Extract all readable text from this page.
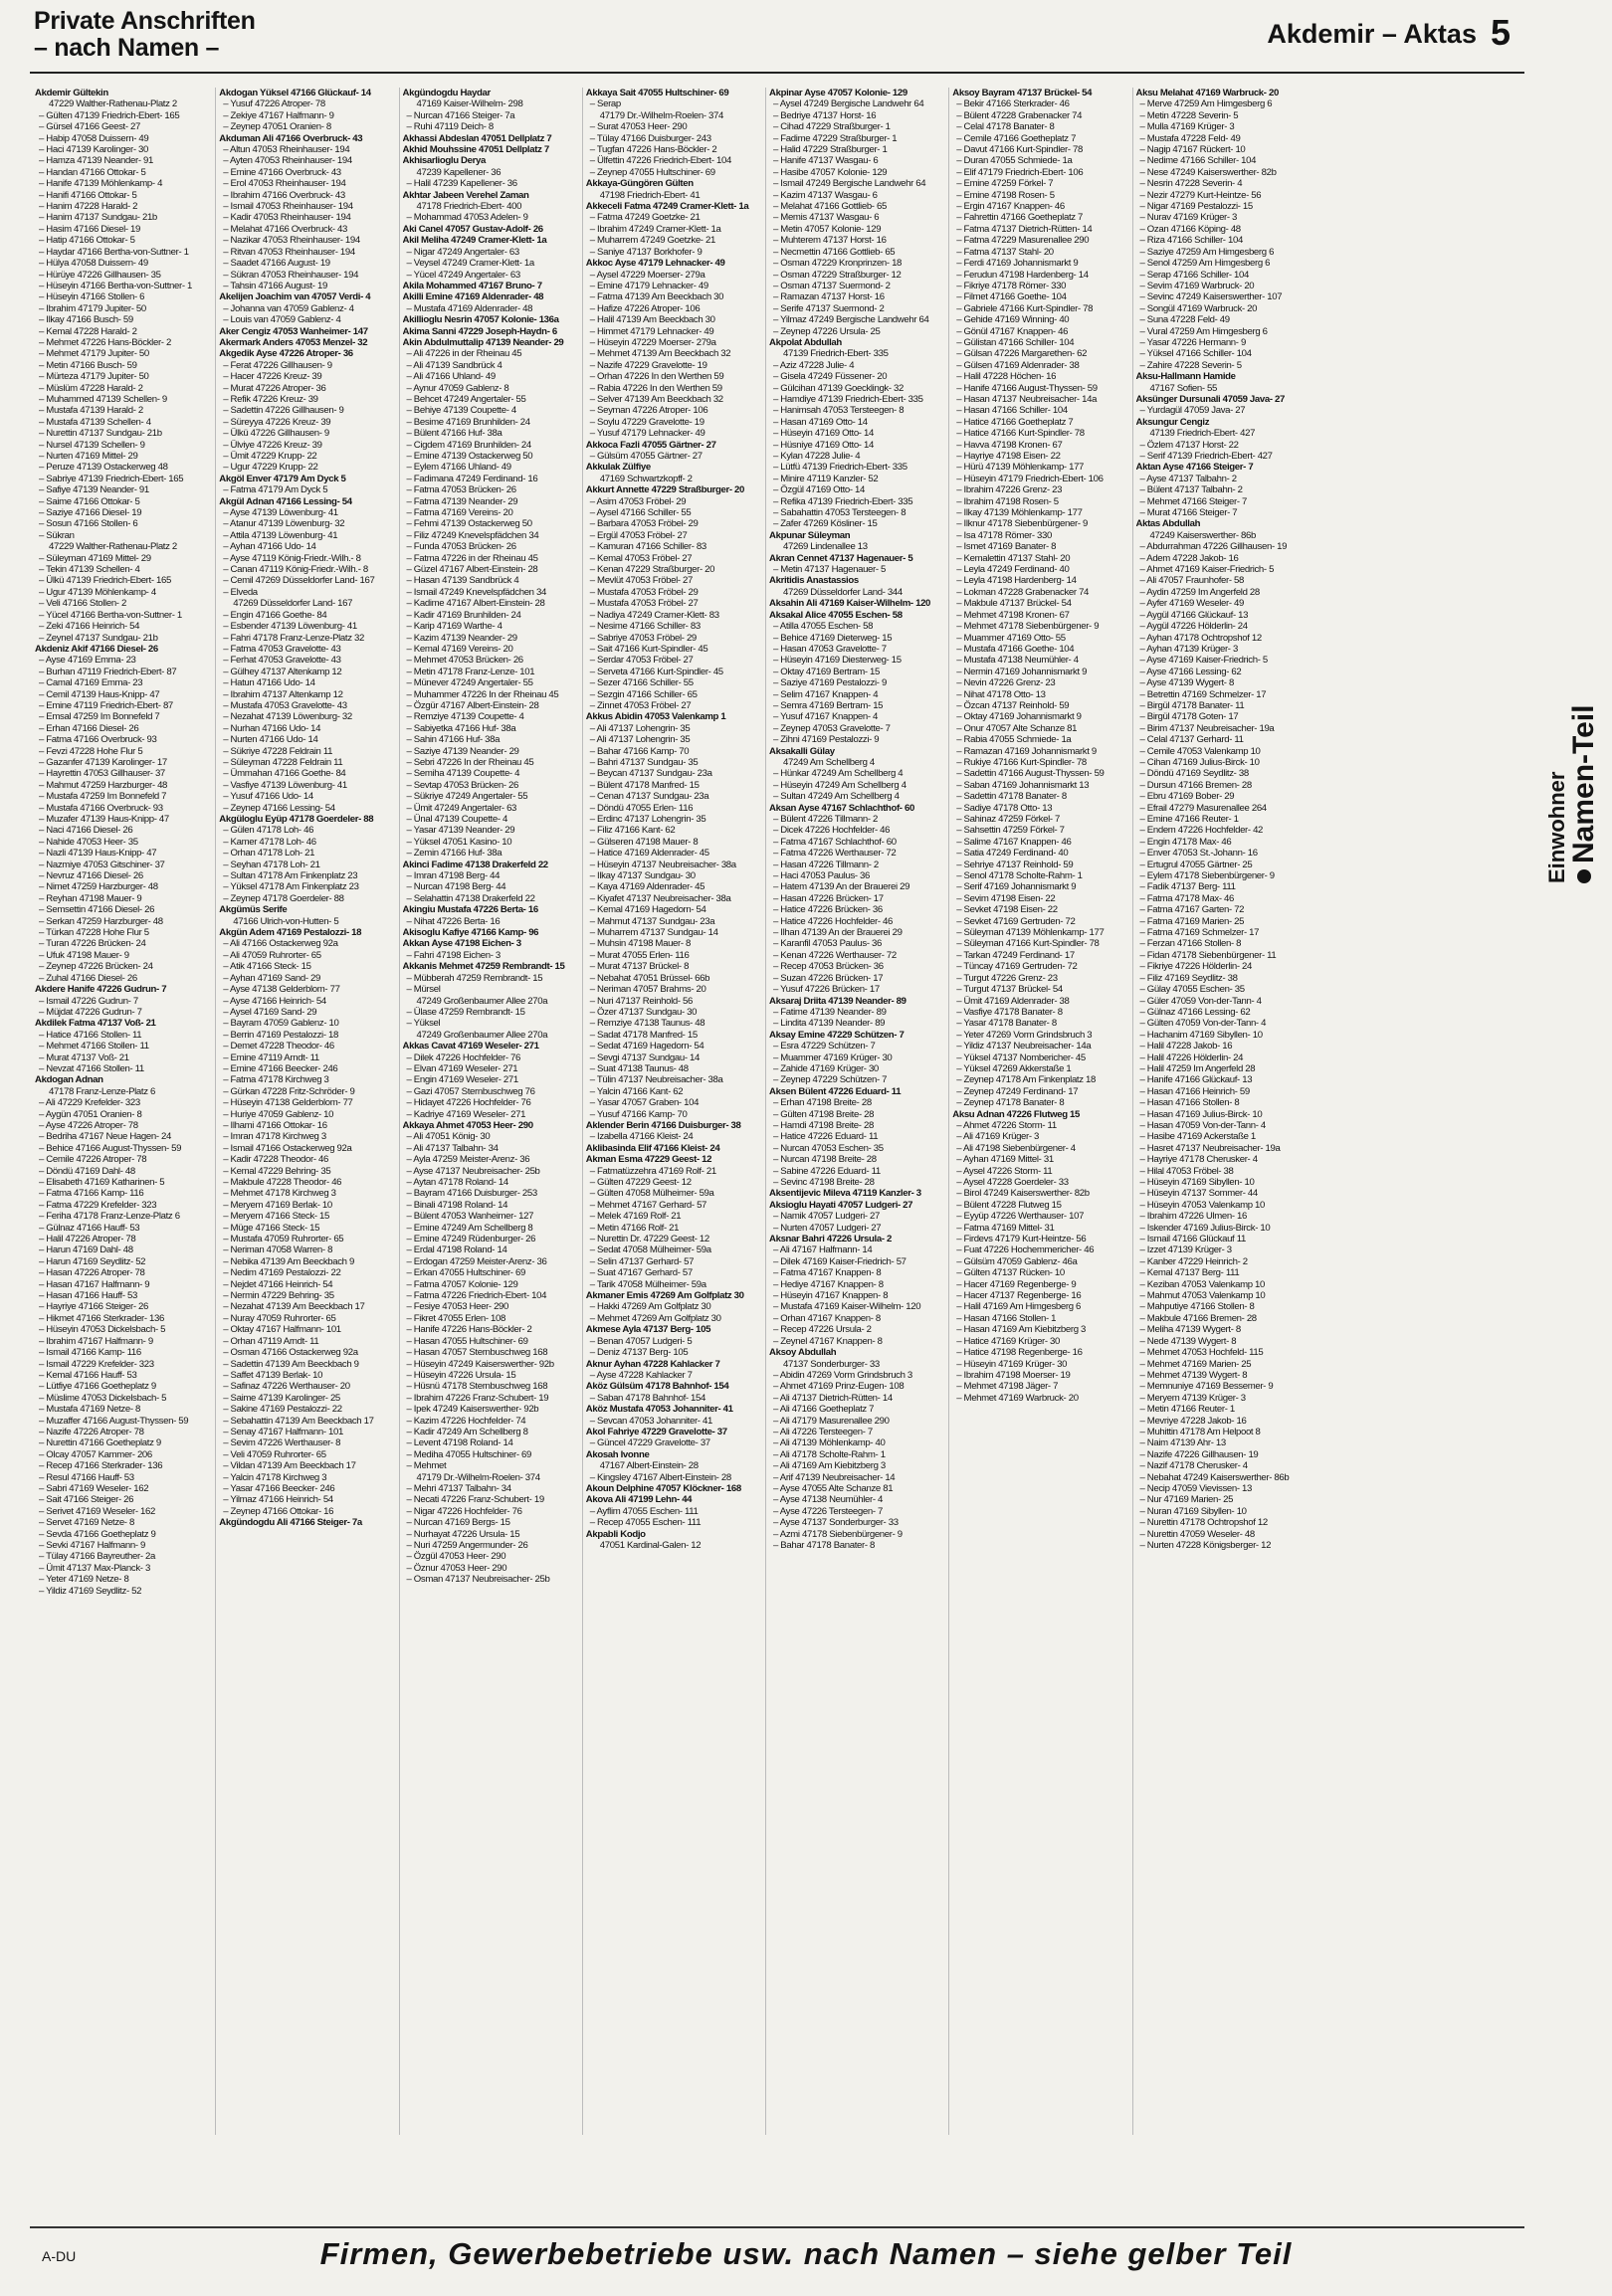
Private Anschriften
– nach Namen –	Akdemir – Aktas 5
Akdemir Gültekin
47229 Walther-Rathenau-Platz 2
– Gülten 47139 Friedrich-Ebert- 165
– Gürsel 47166 Geest- 27
– Habip 47058 Duissern- 49
– Haci 47139 Karolinger- 30
– Hamza 47139 Neander- 91
– Handan 47166 Ottokar- 5
– Hanife 47139 Möhlenkamp- 4
– Hanifi 47166 Ottokar- 5
– Hanim 47228 Harald- 2
– Hanim 47137 Sundgau- 21b
– Hasim 47166 Diesel- 19
– Hatip 47166 Ottokar- 5
– Haydar 47166 Bertha-von-Suttner- 1
– Hülya 47058 Duissern- 49
– Hürüye 47226 Gillhausen- 35
– Hüseyin 47166 Bertha-von-Suttner- 1
– Hüseyin 47166 Stollen- 6
– Ibrahim 47179 Jupiter- 50
– Ilkay 47166 Busch- 59
– Kemal 47228 Harald- 2
– Mehmet 47226 Hans-Böckler- 2
– Mehmet 47179 Jupiter- 50
– Metin 47166 Busch- 59
– Mürteza 47179 Jupiter- 50
– Müslüm 47228 Harald- 2
– Muhammed 47139 Schellen- 9
– Mustafa 47139 Harald- 2
– Mustafa 47139 Schellen- 4
– Nurettin 47137 Sundgau- 21b
– Nursel 47139 Schellen- 9
– Nurten 47169 Mittel- 29
– Peruze 47139 Ostackerweg 48
– Sabriye 47139 Friedrich-Ebert- 165
– Safiye 47139 Neander- 91
– Saime 47166 Ottokar- 5
– Saziye 47166 Diesel- 19
– Sosun 47166 Stollen- 6
– Sükran
47229 Walther-Rathenau-Platz 2
– Süleyman 47169 Mittel- 29
– Tekin 47139 Schellen- 4
– Ülkü 47139 Friedrich-Ebert- 165
– Ugur 47139 Möhlenkamp- 4
– Veli 47166 Stollen- 2
– Yücel 47166 Bertha-von-Suttner- 1
– Zeki 47166 Heinrich- 54
– Zeynel 47137 Sundgau- 21b
Akdeniz Akif 47166 Diesel- 26
– Ayse 47169 Emma- 23
– Burhan 47119 Friedrich-Ebert- 87
– Camal 47169 Emma- 23
– Cemil 47139 Haus-Knipp- 47
– Emine 47119 Friedrich-Ebert- 87
– Emsal 47259 Im Bonnefeld 7
– Erhan 47166 Diesel- 26
– Fatma 47166 Overbruck- 93
– Fevzi 47228 Hohe Flur 5
– Gazanfer 47139 Karolinger- 17
– Hayrettin 47053 Gillhauser- 37
– Mahmut 47259 Harzburger- 48
– Mustafa 47259 Im Bonnefeld 7
– Mustafa 47166 Overbruck- 93
– Muzafer 47139 Haus-Knipp- 47
– Naci 47166 Diesel- 26
– Nahide 47053 Heer- 35
– Nazli 47139 Haus-Knipp- 47
– Nazmiye 47053 Gitschiner- 37
– Nevruz 47166 Diesel- 26
– Nimet 47259 Harzburger- 48
– Reyhan 47198 Mauer- 9
– Semsettin 47166 Diesel- 26
– Serkan 47259 Harzburger- 48
– Türkan 47228 Hohe Flur 5
– Turan 47226 Brücken- 24
– Ufuk 47198 Mauer- 9
– Zeynep 47226 Brücken- 24
– Zuhal 47166 Diesel- 26
Akdere Hanife 47226 Gudrun- 7
– Ismail 47226 Gudrun- 7
– Müjdat 47226 Gudrun- 7
Akdilek Fatma 47137 Voß- 21
– Hatice 47166 Stollen- 11
– Mehmet 47166 Stollen- 11
– Murat 47137 Voß- 21
– Nevzat 47166 Stollen- 11
Akdogan Adnan
47178 Franz-Lenze-Platz 6
– Ali 47229 Krefelder- 323
– Aygün 47051 Oranien- 8
– Ayse 47226 Atroper- 78
– Bedriha 47167 Neue Hagen- 24
– Behice 47166 August-Thyssen- 59
– Cemile 47226 Atroper- 78
– Döndü 47169 Dahl- 48
– Elisabeth 47169 Katharinen- 5
– Fatma 47166 Kamp- 116
– Fatma 47229 Krefelder- 323
– Feriha 47178 Franz-Lenze-Platz 6
– Gülnaz 47166 Hauff- 53
– Halil 47226 Atroper- 78
– Harun 47169 Dahl- 48
– Harun 47169 Seydlitz- 52
– Hasan 47226 Atroper- 78
– Hasan 47167 Halfmann- 9
– Hasan 47166 Hauff- 53
– Hayriye 47166 Steiger- 26
– Hikmet 47166 Sterkrader- 136
– Hüseyin 47053 Dickelsbach- 5
– Ibrahim 47167 Halfmann- 9
– Ismail 47166 Kamp- 116
– Ismail 47229 Krefelder- 323
– Kemal 47166 Hauff- 53
– Lütfiye 47166 Goetheplatz 9
– Müslime 47053 Dickelsbach- 5
– Mustafa 47169 Netze- 8
– Muzaffer 47166 August-Thyssen- 59
– Nazife 47226 Atroper- 78
– Nurettin 47166 Goetheplatz 9
– Olcay 47057 Kammer- 206
– Recep 47166 Sterkrader- 136
– Resul 47166 Hauff- 53
– Sabri 47169 Weseler- 162
– Sait 47166 Steiger- 26
– Serivet 47169 Weseler- 162
– Servet 47169 Netze- 8
– Sevda 47166 Goetheplatz 9
– Sevki 47167 Halfmann- 9
– Tülay 47166 Bayreuther- 2a
– Ümit 47137 Max-Planck- 3
– Yeter 47169 Netze- 8
– Yildiz 47169 Seydlitz- 52
Akdogan Yüksel 47166 Glückauf- 14
– Yusuf 47226 Atroper- 78
– Zekiye 47167 Halfmann- 9
– Zeynep 47051 Oranien- 8
Akduman Ali 47166 Overbruck- 43
– Altun 47053 Rheinhauser- 194
– Ayten 47053 Rheinhauser- 194
– Emine 47166 Overbruck- 43
– Erol 47053 Rheinhauser- 194
– Ibrahim 47166 Overbruck- 43
– Ismail 47053 Rheinhauser- 194
– Kadir 47053 Rheinhauser- 194
– Melahat 47166 Overbruck- 43
– Nazikar 47053 Rheinhauser- 194
– Ritvan 47053 Rheinhauser- 194
– Saadet 47166 August- 19
– Sükran 47053 Rheinhauser- 194
– Tahsin 47166 August- 19
Akelijen Joachim van 47057 Verdi- 4
– Johanna van 47059 Gablenz- 4
– Louis van 47059 Gablenz- 4
Aker Cengiz 47053 Wanheimer- 147
Akermark Anders 47053 Menzel- 32
Akgedik Ayse 47226 Atroper- 36
– Ferat 47226 Gillhausen- 9
– Hacer 47226 Kreuz- 39
– Murat 47226 Atroper- 36
– Refik 47226 Kreuz- 39
– Sadettin 47226 Gillhausen- 9
– Süreyya 47226 Kreuz- 39
– Ülkü 47226 Gillhausen- 9
– Ülviye 47226 Kreuz- 39
– Ümit 47229 Krupp- 22
– Ugur 47229 Krupp- 22
Akgöl Enver 47179 Am Dyck 5
– Fatma 47179 Am Dyck 5
Akgül Adnan 47166 Lessing- 54
– Ayse 47139 Löwenburg- 41
– Atanur 47139 Löwenburg- 32
– Attila 47139 Löwenburg- 41
– Ayhan 47166 Udo- 14
– Ayse 47119 König-Friedr.-Wilh.- 8
– Canan 47119 König-Friedr.-Wilh.- 8
– Cemil 47269 Düsseldorfer Land- 167
– Elveda
47269 Düsseldorfer Land- 167
– Engin 47166 Goethe- 84
– Esbender 47139 Löwenburg- 41
– Fahri 47178 Franz-Lenze-Platz 32
– Fatma 47053 Gravelotte- 43
– Ferhat 47053 Gravelotte- 43
– Gülhey 47137 Altenkamp 12
– Hatun 47166 Udo- 14
– Ibrahim 47137 Altenkamp 12
– Mustafa 47053 Gravelotte- 43
– Nezahat 47139 Löwenburg- 32
– Nurhan 47166 Udo- 14
– Nurten 47166 Udo- 14
– Sükriye 47228 Feldrain 11
– Süleyman 47228 Feldrain 11
– Ümmahan 47166 Goethe- 84
– Vasfiye 47139 Löwenburg- 41
– Yusuf 47166 Udo- 14
– Zeynep 47166 Lessing- 54
Akgüloglu Eyüp 47178 Goerdeler- 88
– Gülen 47178 Loh- 46
– Kamer 47178 Loh- 46
– Orhan 47178 Loh- 21
– Seyhan 47178 Loh- 21
– Sultan 47178 Am Finkenplatz 23
– Yüksel 47178 Am Finkenplatz 23
– Zeynep 47178 Goerdeler- 88
Akgümüs Serife
47166 Ulrich-von-Hutten- 5
Akgün Adem 47169 Pestalozzi- 18
– Ali 47166 Ostackerweg 92a
– Ali 47059 Ruhrorter- 65
– Atik 47166 Steck- 15
– Ayhan 47169 Sand- 29
– Ayse 47138 Gelderblom- 77
– Ayse 47166 Heinrich- 54
– Aysel 47169 Sand- 29
– Bayram 47059 Gablenz- 10
– Berrin 47169 Pestalozzi- 18
– Demet 47228 Theodor- 46
– Emine 47119 Arndt- 11
– Emine 47166 Beecker- 246
– Fatma 47178 Kirchweg 3
– Gürkan 47228 Fritz-Schröder- 9
– Hüseyin 47138 Gelderblom- 77
– Huriye 47059 Gablenz- 10
– Ilhami 47166 Ottokar- 16
– Imran 47178 Kirchweg 3
– Ismail 47166 Ostackerweg 92a
– Kadir 47228 Theodor- 46
– Kemal 47229 Behring- 35
– Makbule 47228 Theodor- 46
– Mehmet 47178 Kirchweg 3
– Meryem 47169 Berlak- 10
– Meryem 47166 Steck- 15
– Müge 47166 Steck- 15
– Mustafa 47059 Ruhrorter- 65
– Neriman 47058 Warren- 8
– Nebika 47139 Am Beeckbach 9
– Nedim 47169 Pestalozzi- 22
– Nejdet 47166 Heinrich- 54
– Nermin 47229 Behring- 35
– Nezahat 47139 Am Beeckbach 17
– Nuray 47059 Ruhrorter- 65
– Oktay 47167 Halfmann- 101
– Orhan 47119 Arndt- 11
– Osman 47166 Ostackerweg 92a
– Sadettin 47139 Am Beeckbach 9
– Saffet 47139 Berlak- 10
– Safinaz 47226 Werthauser- 20
– Saime 47139 Karolinger- 25
– Sakine 47169 Pestalozzi- 22
– Sebahattin 47139 Am Beeckbach 17
– Senay 47167 Halfmann- 101
– Sevim 47226 Werthauser- 8
– Veli 47059 Ruhrorter- 65
– Vildan 47139 Am Beeckbach 17
– Yalcin 47178 Kirchweg 3
– Yasar 47166 Beecker- 246
– Yilmaz 47166 Heinrich- 54
– Zeynep 47166 Ottokar- 16
Akgündogdu Ali 47166 Steiger- 7a
Akgündogdu Haydar
47169 Kaiser-Wilhelm- 298
– Nurcan 47166 Steiger- 7a
– Ruhi 47119 Deich- 8
Akhassi Abdeslan 47051 Dellplatz 7
Akhid Mouhssine 47051 Dellplatz 7
Akhisarlioglu Derya
47239 Kapellener- 36
– Halil 47239 Kapellener- 36
Akhtar Jabeen Verehel Zaman
47178 Friedrich-Ebert- 400
– Mohammad 47053 Adelen- 9
Aki Canel 47057 Gustav-Adolf- 26
Akil Meliha 47249 Cramer-Klett- 1a
– Nigar 47249 Angertaler- 63
– Veysel 47249 Cramer-Klett- 1a
– Yücel 47249 Angertaler- 63
Akila Mohammed 47167 Bruno- 7
Akilli Emine 47169 Aldenrader- 48
– Mustafa 47169 Aldenrader- 48
Akillioglu Nesrin 47057 Kolonie- 136a
Akima Sanni 47229 Joseph-Haydn- 6
Akin Abdulmuttalip 47139 Neander- 29
– Ali 47226 in der Rheinau 45
– Ali 47139 Sandbrück 4
– Ali 47166 Uhland- 49
– Aynur 47059 Gablenz- 8
– Behcet 47249 Angertaler- 55
– Behiye 47139 Coupette- 4
– Besime 47169 Brunhilden- 24
– Bülent 47166 Huf- 38a
– Cigdem 47169 Brunhilden- 24
– Emine 47139 Ostackerweg 50
– Eylem 47166 Uhland- 49
– Fadimana 47249 Ferdinand- 16
– Fatma 47053 Brücken- 26
– Fatma 47139 Neander- 29
– Fatma 47169 Vereins- 20
– Fehmi 47139 Ostackerweg 50
– Filiz 47249 Knevelspfädchen 34
– Funda 47053 Brücken- 26
– Fatma 47226 in der Rheinau 45
– Güzel 47167 Albert-Einstein- 28
– Hasan 47139 Sandbrück 4
– Ismail 47249 Knevelspfädchen 34
– Kadime 47167 Albert-Einstein- 28
– Kadir 47169 Brunhilden- 24
– Karip 47169 Warthe- 4
– Kazim 47139 Neander- 29
– Kemal 47169 Vereins- 20
– Mehmet 47053 Brücken- 26
– Metin 47178 Franz-Lenze- 101
– Münever 47249 Angertaler- 55
– Muhammer 47226 In der Rheinau 45
– Özgür 47167 Albert-Einstein- 28
– Remziye 47139 Coupette- 4
– Sabiyetka 47166 Huf- 38a
– Sahin 47166 Huf- 38a
– Saziye 47139 Neander- 29
– Sebri 47226 In der Rheinau 45
– Semiha 47139 Coupette- 4
– Sevtap 47053 Brücken- 26
– Sükriye 47249 Angertaler- 55
– Ümit 47249 Angertaler- 63
– Ünal 47139 Coupette- 4
– Yasar 47139 Neander- 29
– Yüksel 47051 Kasino- 10
– Zemin 47166 Huf- 38a
Akinci Fadime 47138 Drakerfeld 22
– Imran 47198 Berg- 44
– Nurcan 47198 Berg- 44
– Selahattin 47138 Drakerfeld 22
Akingiu Mustafa 47226 Berta- 16
– Nihat 47226 Berta- 16
Akisoglu Kafiye 47166 Kamp- 96
Akkan Ayse 47198 Eichen- 3
– Fahri 47198 Eichen- 3
Akkanis Mehmet 47259 Rembrandt- 15
– Mübberah 47259 Rembrandt- 15
– Mürsel
47249 Großenbaumer Allee 270a
– Ülase 47259 Rembrandt- 15
– Yüksel
47249 Großenbaumer Allee 270a
Akkas Cavat 47169 Weseler- 271
– Dilek 47226 Hochfelder- 76
– Elvan 47169 Weseler- 271
– Engin 47169 Weseler- 271
– Gazi 47057 Sternbuschweg 76
– Hidayet 47226 Hochfelder- 76
– Kadriye 47169 Weseler- 271
Akkaya Ahmet 47053 Heer- 290
– Ali 47051 König- 30
– Ali 47137 Talbahn- 34
– Ayla 47259 Meister-Arenz- 36
– Ayse 47137 Neubreisacher- 25b
– Aytan 47178 Roland- 14
– Bayram 47166 Duisburger- 253
– Binali 47198 Roland- 14
– Bülent 47053 Wanheimer- 127
– Emine 47249 Am Schellberg 8
– Emine 47249 Rüdenburger- 26
– Erdal 47198 Roland- 14
– Erdogan 47259 Meister-Arenz- 36
– Erkan 47055 Hultschiner- 69
– Fatma 47057 Kolonie- 129
– Fatma 47226 Friedrich-Ebert- 104
– Fesiye 47053 Heer- 290
– Fikret 47055 Erlen- 108
– Hanife 47226 Hans-Böckler- 2
– Hasan 47055 Hultschiner- 69
– Hasan 47057 Sternbuschweg 168
– Hüseyin 47249 Kaiserswerther- 92b
– Hüseyin 47226 Ursula- 15
– Hüsnü 47178 Sternbuschweg 168
– Ibrahim 47226 Franz-Schubert- 19
– Ipek 47249 Kaiserswerther- 92b
– Kazim 47226 Hochfelder- 74
– Kadir 47249 Am Schellberg 8
– Levent 47198 Roland- 14
– Mediha 47055 Hultschiner- 69
– Mehmet
47179 Dr.-Wilhelm-Roelen- 374
– Mehri 47137 Talbahn- 34
– Necati 47226 Franz-Schubert- 19
– Nigar 47226 Hochfelder- 76
– Nurcan 47169 Bergs- 15
– Nurhayat 47226 Ursula- 15
– Nuri 47259 Angermunder- 26
– Özgül 47053 Heer- 290
– Öznur 47053 Heer- 290
– Osman 47137 Neubreisacher- 25b
Akkaya Sait 47055 Hultschiner- 69
– Serap
47179 Dr.-Wilhelm-Roelen- 374
– Surat 47053 Heer- 290
– Tülay 47166 Duisburger- 243
– Tugfan 47226 Hans-Böckler- 2
– Ülfettin 47226 Friedrich-Ebert- 104
– Zeynep 47055 Hultschiner- 69
Akkaya-Güngören Gülten
47198 Friedrich-Ebert- 41
Akkeceli Fatma 47249 Cramer-Klett- 1a
– Fatma 47249 Goetzke- 21
– Ibrahim 47249 Cramer-Klett- 1a
– Muharrem 47249 Goetzke- 21
– Saniye 47137 Borkhofer- 9
Akkoc Ayse 47179 Lehnacker- 49
– Aysel 47229 Moerser- 279a
– Emine 47179 Lehnacker- 49
– Fatma 47139 Am Beeckbach 30
– Hafize 47226 Atroper- 106
– Halil 47139 Am Beeckbach 30
– Himmet 47179 Lehnacker- 49
– Hüseyin 47229 Moerser- 279a
– Mehmet 47139 Am Beeckbach 32
– Nazife 47229 Gravelotte- 19
– Orhan 47226 In den Werthen 59
– Rabia 47226 In den Werthen 59
– Selver 47139 Am Beeckbach 32
– Seyman 47226 Atroper- 106
– Soylu 47229 Gravelotte- 19
– Yusuf 47179 Lehnacker- 49
Akkoca Fazli 47055 Gärtner- 27
– Gülsüm 47055 Gärtner- 27
Akkulak Zülfiye
47169 Schwartzkopff- 2
Akkurt Annette 47229 Straßburger- 20
– Asim 47053 Fröbel- 29
– Aysel 47166 Schiller- 55
– Barbara 47053 Fröbel- 29
– Ergül 47053 Fröbel- 27
– Kamuran 47166 Schiller- 83
– Kemal 47053 Fröbel- 27
– Kenan 47229 Straßburger- 20
– Mevlüt 47053 Fröbel- 27
– Mustafa 47053 Fröbel- 29
– Mustafa 47053 Fröbel- 27
– Nadiya 47249 Cramer-Klett- 83
– Nesime 47166 Schiller- 83
– Sabriye 47053 Fröbel- 29
– Sait 47166 Kurt-Spindler- 45
– Serdar 47053 Fröbel- 27
– Serveta 47166 Kurt-Spindler- 45
– Sezer 47166 Schiller- 55
– Sezgin 47166 Schiller- 65
– Zinnet 47053 Fröbel- 27
Akkus Abidin 47053 Valenkamp 1
– Ali 47137 Lohengrin- 35
– Ali 47137 Lohengrin- 35
– Bahar 47166 Kamp- 70
– Bahri 47137 Sundgau- 35
– Beycan 47137 Sundgau- 23a
– Bülent 47178 Manfred- 15
– Cenan 47137 Sundgau- 23a
– Döndü 47055 Erlen- 116
– Erdinc 47137 Lohengrin- 35
– Filiz 47166 Kant- 62
– Gülseren 47198 Mauer- 8
– Hatice 47169 Aldenrader- 45
– Hüseyin 47137 Neubreisacher- 38a
– Ilkay 47137 Sundgau- 30
– Kaya 47169 Aldenrader- 45
– Kiyafet 47137 Neubreisacher- 38a
– Kemal 47169 Hagedorn- 54
– Mahmut 47137 Sundgau- 23a
– Muharrem 47137 Sundgau- 14
– Muhsin 47198 Mauer- 8
– Murat 47055 Erlen- 116
– Murat 47137 Brückel- 8
– Nebahat 47051 Brüssel- 66b
– Neriman 47057 Brahms- 20
– Nuri 47137 Reinhold- 56
– Özer 47137 Sundgau- 30
– Remziye 47138 Taunus- 48
– Sadat 47178 Manfred- 15
– Sedat 47169 Hagedorn- 54
– Sevgi 47137 Sundgau- 14
– Suat 47138 Taunus- 48
– Tülin 47137 Neubreisacher- 38a
– Yalcin 47166 Kant- 62
– Yasar 47057 Graben- 104
– Yusuf 47166 Kamp- 70
Aklender Berin 47166 Duisburger- 38
– Izabella 47166 Kleist- 24
Aklibasinda Elif 47166 Kleist- 24
Akman Esma 47229 Geest- 12
– Fatmatüzzehra 47169 Rolf- 21
– Gülten 47229 Geest- 12
– Gülten 47058 Mülheimer- 59a
– Mehmet 47167 Gerhard- 57
– Melek 47169 Rolf- 21
– Metin 47166 Rolf- 21
– Nurettin Dr. 47229 Geest- 12
– Sedat 47058 Mülheimer- 59a
– Selin 47137 Gerhard- 57
– Suat 47167 Gerhard- 57
– Tarik 47058 Mülheimer- 59a
Akmaner Emis 47269 Am Golfplatz 30
– Hakki 47269 Am Golfplatz 30
– Mehmet 47269 Am Golfplatz 30
Akmese Ayla 47137 Berg- 105
– Benan 47057 Ludgeri- 5
– Deniz 47137 Berg- 105
Aknur Ayhan 47228 Kahlacker 7
– Ayse 47228 Kahlacker 7
Aköz Gülsüm 47178 Bahnhof- 154
– Saban 47178 Bahnhof- 154
Aköz Mustafa 47053 Johanniter- 41
– Sevcan 47053 Johanniter- 41
Akol Fahriye 47229 Gravelotte- 37
– Güncel 47229 Gravelotte- 37
Akosah Ivonne
47167 Albert-Einstein- 28
– Kingsley 47167 Albert-Einstein- 28
Akoun Delphine 47057 Klöckner- 168
Akova Ali 47199 Lehn- 44
– Ayflim 47055 Eschen- 111
– Recep 47055 Eschen- 111
Akpabli Kodjo
47051 Kardinal-Galen- 12
Akpinar Ayse 47057 Kolonie- 129
– Aysel 47249 Bergische Landwehr 64
– Bedriye 47137 Horst- 16
– Cihad 47229 Straßburger- 1
– Fadime 47229 Straßburger- 1
– Halid 47229 Straßburger- 1
– Hanife 47137 Wasgau- 6
– Hasibe 47057 Kolonie- 129
– Ismail 47249 Bergische Landwehr 64
– Kazim 47137 Wasgau- 6
– Melahat 47166 Gottlieb- 65
– Memis 47137 Wasgau- 6
– Metin 47057 Kolonie- 129
– Muhterem 47137 Horst- 16
– Necmettin 47166 Gottlieb- 65
– Osman 47229 Kronprinzen- 18
– Osman 47229 Straßburger- 12
– Osman 47137 Suermond- 2
– Ramazan 47137 Horst- 16
– Serife 47137 Suermond- 2
– Yilmaz 47249 Bergische Landwehr 64
– Zeynep 47226 Ursula- 25
Akpolat Abdullah
47139 Friedrich-Ebert- 335
– Aziz 47228 Julie- 4
– Gisela 47249 Füssener- 20
– Gülcihan 47139 Goecklingk- 32
– Hamdiye 47139 Friedrich-Ebert- 335
– Hanimsah 47053 Tersteegen- 8
– Hasan 47169 Otto- 14
– Hüseyin 47169 Otto- 14
– Hüsniye 47169 Otto- 14
– Kylan 47228 Julie- 4
– Lütfü 47139 Friedrich-Ebert- 335
– Minire 47119 Kanzler- 52
– Özgül 47169 Otto- 14
– Refika 47139 Friedrich-Ebert- 335
– Sabahattin 47053 Tersteegen- 8
– Zafer 47269 Kösliner- 15
Akpunar Süleyman
47269 Lindenallee 13
Akran Cennet 47137 Hagenauer- 5
– Metin 47137 Hagenauer- 5
Akritidis Anastassios
47269 Düsseldorfer Land- 344
Aksahin Ali 47169 Kaiser-Wilhelm- 120
Aksakal Alice 47055 Eschen- 58
– Atilla 47055 Eschen- 58
– Behice 47169 Dieterweg- 15
– Hasan 47053 Gravelotte- 7
– Hüseyin 47169 Diesterweg- 15
– Oktay 47169 Bertram- 15
– Saziye 47169 Pestalozzi- 9
– Selim 47167 Knappen- 4
– Semra 47169 Bertram- 15
– Yusuf 47167 Knappen- 4
– Zeynep 47053 Gravelotte- 7
– Zihni 47169 Pestalozzi- 9
Aksakalli Gülay
47249 Am Schellberg 4
– Hünkar 47249 Am Schellberg 4
– Hüseyin 47249 Am Schellberg 4
– Sultan 47249 Am Schellberg 4
Aksan Ayse 47167 Schlachthof- 60
– Bülent 47226 Tillmann- 2
– Dicek 47226 Hochfelder- 46
– Fatma 47167 Schlachthof- 60
– Fatma 47226 Werthauser- 72
– Hasan 47226 Tillmann- 2
– Haci 47053 Paulus- 36
– Hatem 47139 An der Brauerei 29
– Hasan 47226 Brücken- 17
– Hatice 47226 Brücken- 36
– Hatice 47226 Hochfelder- 46
– Ilhan 47139 An der Brauerei 29
– Karanfil 47053 Paulus- 36
– Kenan 47226 Werthauser- 72
– Recep 47053 Brücken- 36
– Suzan 47226 Brücken- 17
– Yusuf 47226 Brücken- 17
Aksaraj Driita 47139 Neander- 89
– Fatime 47139 Neander- 89
– Lindita 47139 Neander- 89
Aksay Emine 47229 Schützen- 7
– Esra 47229 Schützen- 7
– Muammer 47169 Krüger- 30
– Zahide 47169 Krüger- 30
– Zeynep 47229 Schützen- 7
Aksen Bülent 47226 Eduard- 11
– Erhan 47198 Breite- 28
– Gülten 47198 Breite- 28
– Hamdi 47198 Breite- 28
– Hatice 47226 Eduard- 11
– Nurcan 47053 Eschen- 35
– Nurcan 47198 Breite- 28
– Sabine 47226 Eduard- 11
– Sevinc 47198 Breite- 28
Aksentijevic Mileva 47119 Kanzler- 3
Aksioglu Hayati 47057 Ludgeri- 27
– Namik 47057 Ludgeri- 27
– Nurten 47057 Ludgeri- 27
Aksnar Bahri 47226 Ursula- 2
– Ali 47167 Halfmann- 14
– Dilek 47169 Kaiser-Friedrich- 57
– Fatma 47167 Knappen- 8
– Hediye 47167 Knappen- 8
– Hüseyin 47167 Knappen- 8
– Mustafa 47169 Kaiser-Wilhelm- 120
– Orhan 47167 Knappen- 8
– Recep 47226 Ursula- 2
– Zeynel 47167 Knappen- 8
Aksoy Abdullah
47137 Sonderburger- 33
– Abidin 47269 Vorm Grindsbruch 3
– Ahmet 47169 Prinz-Eugen- 108
– Ali 47137 Dietrich-Rütten- 14
– Ali 47166 Goetheplatz 7
– Ali 47179 Masurenallee 290
– Ali 47226 Tersteegen- 7
– Ali 47139 Möhlenkamp- 40
– Ali 47178 Scholte-Rahm- 1
– Ali 47169 Am Kiebitzberg 3
– Arif 47139 Neubreisacher- 14
– Ayse 47055 Alte Schanze 81
– Ayse 47138 Neumühler- 4
– Ayse 47226 Tersteegen- 7
– Ayse 47137 Sonderburger- 33
– Azmi 47178 Siebenbürgener- 9
– Bahar 47178 Banater- 8
Aksoy Bayram 47137 Brückel- 54
– Bekir 47166 Sterkrader- 46
– Bülent 47228 Grabenacker 74
– Celal 47178 Banater- 8
– Cemile 47166 Goetheplatz 7
– Davut 47166 Kurt-Spindler- 78
– Duran 47055 Schmiede- 1a
– Elif 47179 Friedrich-Ebert- 106
– Emine 47259 Förkel- 7
– Emine 47198 Rosen- 5
– Ergin 47167 Knappen- 46
– Fahrettin 47166 Goetheplatz 7
– Fatma 47137 Dietrich-Rütten- 14
– Fatma 47229 Masurenallee 290
– Fatma 47137 Stahl- 20
– Ferdi 47169 Johannismarkt 9
– Ferudun 47198 Hardenberg- 14
– Fikriye 47178 Römer- 330
– Filmet 47166 Goethe- 104
– Gabriele 47166 Kurt-Spindler- 78
– Gehide 47169 Winning- 40
– Gönül 47167 Knappen- 46
– Gülistan 47166 Schiller- 104
– Gülsan 47226 Margarethen- 62
– Gülsen 47169 Aldenrader- 38
– Halil 47228 Höchen- 16
– Hanife 47166 August-Thyssen- 59
– Hasan 47137 Neubreisacher- 14a
– Hasan 47166 Schiller- 104
– Hatice 47166 Goetheplatz 7
– Hatice 47166 Kurt-Spindler- 78
– Havva 47198 Kronen- 67
– Hayriye 47198 Eisen- 22
– Hürü 47139 Möhlenkamp- 177
– Hüseyin 47179 Friedrich-Ebert- 106
– Ibrahim 47226 Grenz- 23
– Ibrahim 47198 Rosen- 5
– Ilkay 47139 Möhlenkamp- 177
– Ilknur 47178 Siebenbürgener- 9
– Isa 47178 Römer- 330
– Ismet 47169 Banater- 8
– Kemalettin 47137 Stahl- 20
– Leyla 47249 Ferdinand- 40
– Leyla 47198 Hardenberg- 14
– Lokman 47228 Grabenacker 74
– Makbule 47137 Brückel- 54
– Mehmet 47198 Kronen- 67
– Mehmet 47178 Siebenbürgener- 9
– Muammer 47169 Otto- 55
– Mustafa 47166 Goethe- 104
– Mustafa 47138 Neumühler- 4
– Nermin 47169 Johannismarkt 9
– Nevin 47226 Grenz- 23
– Nihat 47178 Otto- 13
– Özcan 47137 Reinhold- 59
– Oktay 47169 Johannismarkt 9
– Onur 47057 Alte Schanze 81
– Rabia 47055 Schmiede- 1a
– Ramazan 47169 Johannismarkt 9
– Rukiye 47166 Kurt-Spindler- 78
– Sadettin 47166 August-Thyssen- 59
– Saban 47169 Johannismarkt 13
– Sadettin 47178 Banater- 8
– Sadiye 47178 Otto- 13
– Sahinaz 47259 Förkel- 7
– Sahsettin 47259 Förkel- 7
– Salime 47167 Knappen- 46
– Satia 47249 Ferdinand- 40
– Sehriye 47137 Reinhold- 59
– Senol 47178 Scholte-Rahm- 1
– Serif 47169 Johannismarkt 9
– Sevim 47198 Eisen- 22
– Sevket 47198 Eisen- 22
– Sevket 47169 Gertruden- 72
– Süleyman 47139 Möhlenkamp- 177
– Süleyman 47166 Kurt-Spindler- 78
– Tarkan 47249 Ferdinand- 17
– Tüncay 47169 Gertruden- 72
– Turgut 47226 Grenz- 23
– Turgut 47137 Brückel- 54
– Ümit 47169 Aldenrader- 38
– Vasfiye 47178 Banater- 8
– Yasar 47178 Banater- 8
– Yeter 47269 Vorm Grindsbruch 3
– Yildiz 47137 Neubreisacher- 14a
– Yüksel 47137 Nombericher- 45
– Yüksel 47269 Akkerstaße 1
– Zeynep 47178 Am Finkenplatz 18
– Zeynep 47249 Ferdinand- 17
– Zeynep 47178 Banater- 8
Aksu Adnan 47226 Flutweg 15
– Ahmet 47226 Storm- 11
– Ali 47169 Krüger- 3
– Ali 47198 Siebenbürgener- 4
– Ayhan 47169 Mittel- 31
– Aysel 47226 Storm- 11
– Aysel 47228 Goerdeler- 33
– Birol 47249 Kaiserswerther- 82b
– Bülent 47228 Flutweg 15
– Eyyüp 47226 Werthauser- 107
– Fatma 47169 Mittel- 31
– Firdevs 47179 Kurt-Heintze- 56
– Fuat 47226 Hochemmericher- 46
– Gülsüm 47059 Gablenz- 46a
– Gülten 47137 Rücken- 10
– Hacer 47169 Regenberge- 9
– Hacer 47137 Regenberge- 16
– Halil 47169 Am Himgesberg 6
– Hasan 47166 Stollen- 1
– Hasan 47169 Am Kiebitzberg 3
– Hatice 47169 Krüger- 30
– Hatice 47198 Regenberge- 16
– Hüseyin 47169 Krüger- 30
– Ibrahim 47198 Moerser- 19
– Mehmet 47198 Jäger- 7
– Mehmet 47169 Warbruck- 20
Aksu Melahat 47169 Warbruck- 20
– Merve 47259 Am Himgesberg 6
– Metin 47228 Severin- 5
– Mulla 47169 Krüger- 3
– Mustafa 47228 Feld- 49
– Nagip 47167 Rückert- 10
– Nedime 47166 Schiller- 104
– Nese 47249 Kaiserswerther- 82b
– Nesrin 47228 Severin- 4
– Nezir 47279 Kurt-Heintze- 56
– Nigar 47169 Pestalozzi- 15
– Nurav 47169 Krüger- 3
– Ozan 47166 Köping- 48
– Riza 47166 Schiller- 104
– Saziye 47259 Am Himgesberg 6
– Senol 47259 Am Himgesberg 6
– Serap 47166 Schiller- 104
– Sevim 47169 Warbruck- 20
– Sevinc 47249 Kaiserswerther- 107
– Songül 47169 Warbruck- 20
– Suna 47228 Feld- 49
– Vural 47259 Am Himgesberg 6
– Yasar 47226 Hermann- 9
– Yüksel 47166 Schiller- 104
– Zahire 47228 Severin- 5
Aksu-Hallmann Hamide
47167 Sofien- 55
Aksünger Dursunali 47059 Java- 27
– Yurdagül 47059 Java- 27
Aksungur Cengiz
47139 Friedrich-Ebert- 427
– Özlem 47137 Horst- 22
– Serif 47139 Friedrich-Ebert- 427
Aktan Ayse 47166 Steiger- 7
– Ayse 47137 Talbahn- 2
– Bülent 47137 Talbahn- 2
– Mehmet 47166 Steiger- 7
– Murat 47166 Steiger- 7
Aktas Abdullah
47249 Kaiserswerther- 86b
– Abdurrahman 47226 Gillhausen- 19
– Adem 47228 Jakob- 16
– Ahmet 47169 Kaiser-Friedrich- 5
– Ali 47057 Fraunhofer- 58
– Aydin 47259 Im Angerfeld 28
– Ayfer 47169 Weseler- 49
– Aygül 47166 Glückauf- 13
– Aygül 47226 Hölderlin- 24
– Ayhan 47178 Ochtropshof 12
– Ayhan 47139 Krüger- 3
– Ayse 47169 Kaiser-Friedrich- 5
– Ayse 47166 Lessing- 62
– Ayse 47139 Wygert- 8
– Betrettin 47169 Schmelzer- 17
– Birgül 47178 Banater- 11
– Birgül 47178 Goten- 17
– Birim 47137 Neubreisacher- 19a
– Celal 47137 Gerhard- 11
– Cemile 47053 Valenkamp 10
– Cihan 47169 Julius-Birck- 10
– Döndü 47169 Seydlitz- 38
– Dursun 47166 Bremen- 28
– Ebru 47169 Bober- 29
– Efrail 47279 Masurenallee 264
– Emine 47166 Reuter- 1
– Endem 47226 Hochfelder- 42
– Engin 47178 Max- 46
– Enver 47053 St.-Johann- 16
– Ertugrul 47055 Gärtner- 25
– Eylem 47178 Siebenbürgener- 9
– Fadik 47137 Berg- 111
– Fatma 47178 Max- 46
– Fatma 47167 Garten- 72
– Fatma 47169 Marien- 25
– Fatma 47169 Schmelzer- 17
– Ferzan 47166 Stollen- 8
– Fidan 47178 Siebenbürgener- 11
– Fikriye 47226 Hölderlin- 24
– Filiz 47169 Seydlitz- 38
– Gülay 47055 Eschen- 35
– Güler 47059 Von-der-Tann- 4
– Gülnaz 47166 Lessing- 62
– Gülten 47059 Von-der-Tann- 4
– Hachanim 47169 Sibyllen- 10
– Halil 47228 Jakob- 16
– Halil 47226 Hölderlin- 24
– Halil 47259 Im Angerfeld 28
– Hanife 47166 Glückauf- 13
– Hasan 47166 Heinrich- 59
– Hasan 47166 Stollen- 8
– Hasan 47169 Julius-Birck- 10
– Hasan 47059 Von-der-Tann- 4
– Hasibe 47169 Ackerstaße 1
– Hasret 47137 Neubreisacher- 19a
– Hayriye 47178 Cherusker- 4
– Hilal 47053 Fröbel- 38
– Hüseyin 47169 Sibyllen- 10
– Hüseyin 47137 Sommer- 44
– Hüseyin 47053 Valenkamp 10
– Ibrahim 47226 Ulmen- 16
– Iskender 47169 Julius-Birck- 10
– Ismail 47166 Glückauf 11
– Izzet 47139 Krüger- 3
– Kanber 47229 Heinrich- 2
– Kemal 47137 Berg- 111
– Keziban 47053 Valenkamp 10
– Mahmut 47053 Valenkamp 10
– Mahputiye 47166 Stollen- 8
– Makbule 47166 Bremen- 28
– Meliha 47139 Wygert- 8
– Nede 47139 Wygert- 8
– Mehmet 47053 Hochfeld- 115
– Mehmet 47169 Marien- 25
– Mehmet 47139 Wygert- 8
– Memnuniye 47169 Bessemer- 9
– Meryem 47139 Krüger- 3
– Metin 47166 Reuter- 1
– Mevriye 47228 Jakob- 16
– Muhittin 47178 Am Helpoot 8
– Naim 47139 Ahr- 13
– Nazife 47226 Gillhausen- 19
– Nazif 47178 Cherusker- 4
– Nebahat 47249 Kaiserswerther- 86b
– Necip 47059 Vievissen- 13
– Nur 47169 Marien- 25
– Nuran 47169 Sibyllen- 10
– Nurettin 47178 Ochtropshof 12
– Nurettin 47059 Weseler- 48
– Nurten 47228 Königsberger- 12
Einwohner
Namen-Teil
A-DU	Firmen, Gewerbebetriebe usw. nach Namen – siehe gelber Teil
